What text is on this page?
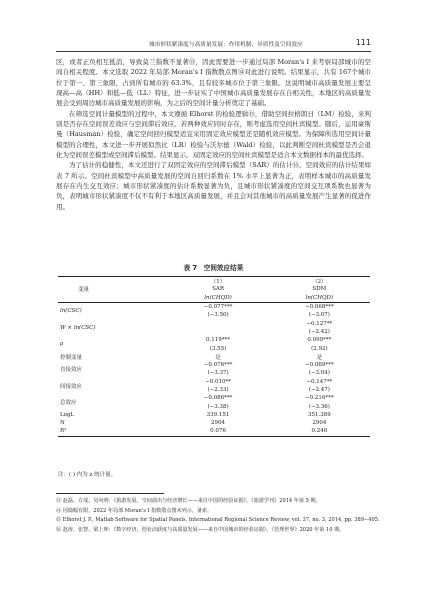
城市形状紧凑度与高质量发展：作用机制、异质性及空间效应	111

区，或者正负相互抵消，导致莫兰指数不显著⑬，因此需要进一步通过局部 Moran's I 来考察局部城市的空间自相关程度。本文选取 2022 年局部 Moran's I 指数散点图⑭对此进行说明。结果显示，共有 167个城市位于第一、第三象限，占到所有城市的 63.3%，且有较多城市位于第三象限。这说明城市高质量发展主要呈现高—高（HH）和低—低（LL）特征，进一步证实了中国城市高质量发展存在自相关性，本地区的高质量发展会受到周边城市高质量发展的影响，为之后的空间计量分析奠定了基础。

在筛选空间计量模型的过程中，本文遵循 Elhorst 的检验逻辑⑮，借助空间拉格朗日（LM）检验，来判别是否存在空间误差效应与空间滞后效应。若两种效应同时存在，则考虑选用空间杜宾模型。随后，运用豪斯曼（Hausman）检验，确定空间回归模型适宜采用固定效应模型还是随机效应模型。为保障所选用空间计量模型的合理性，本文进一步开展似然比（LR）检验与沃尔德（Wald）检验，以此判断空间杜宾模型是否会退化为空间误差模型或空间滞后模型。结果显示，双固定效应的空间杜宾模型是适合本文数据样本的最优选择。

为了估计的稳健性，本文还进行了双固定效应的空间滞后模型（SAR）的估计⑯，空间效应的估计结果如表 7 所示。空间杜宾模型中高质量发展的空间自回归系数在 1% 水平上显著为正，表明样本城市的高质量发展存在内生交互效应；城市形状紧凑度的估计系数显著为负，且城市形状紧凑度的空间交互项系数也显著为负，表明城市形状紧凑度不仅不有利于本地区高质量发展，并且会对其他城市的高质量发展产生显著的促进作用。

表 7　空间效应结果
变量	（1）	（2）
	SAR	SDM
	ln(CHQD)	ln(CHQD)
ln(CSC)	−0.077***	−0.068***
	(−3.50)	(−3.07)
W × ln(CSC)		−0.127**
		(−2.42)
ρ	0.119***	0.099***
	(3.55)	(2.92)
控制变量	是	是
直接效应	−0.076***	−0.069***
	(−3.37)	(−3.04)
间接效应	−0.010**	−0.147**
	(−2.33)	(−2.47)
总效应	−0.086***	−0.216***
	(−3.38)	(−3.36)
LogL	339.151	351.389
N	2904	2904
R²	0.076	0.240
注：( ) 内为 z 统计量。
⑬ 赵磊、方成、吴向明：《旅游发展、空间溢出与经济增长——来自中国的经验证据》，《旅游学刊》2014 年第 5 期。
⑭ 因篇幅有限，2022 年局部 Moran's I 指数散点图未列示，备索。
⑮ Elhorst J. P., Matlab Software for Spatial Panels, International Regional Science Review, vol. 37, no. 3, 2014, pp. 389−405.
⑯ 赵涛、张智、梁上坤：《数字经济、创业活跃度与高质量发展——来自中国城市的经验证据》，《管理世界》2020 年第 10 期。
